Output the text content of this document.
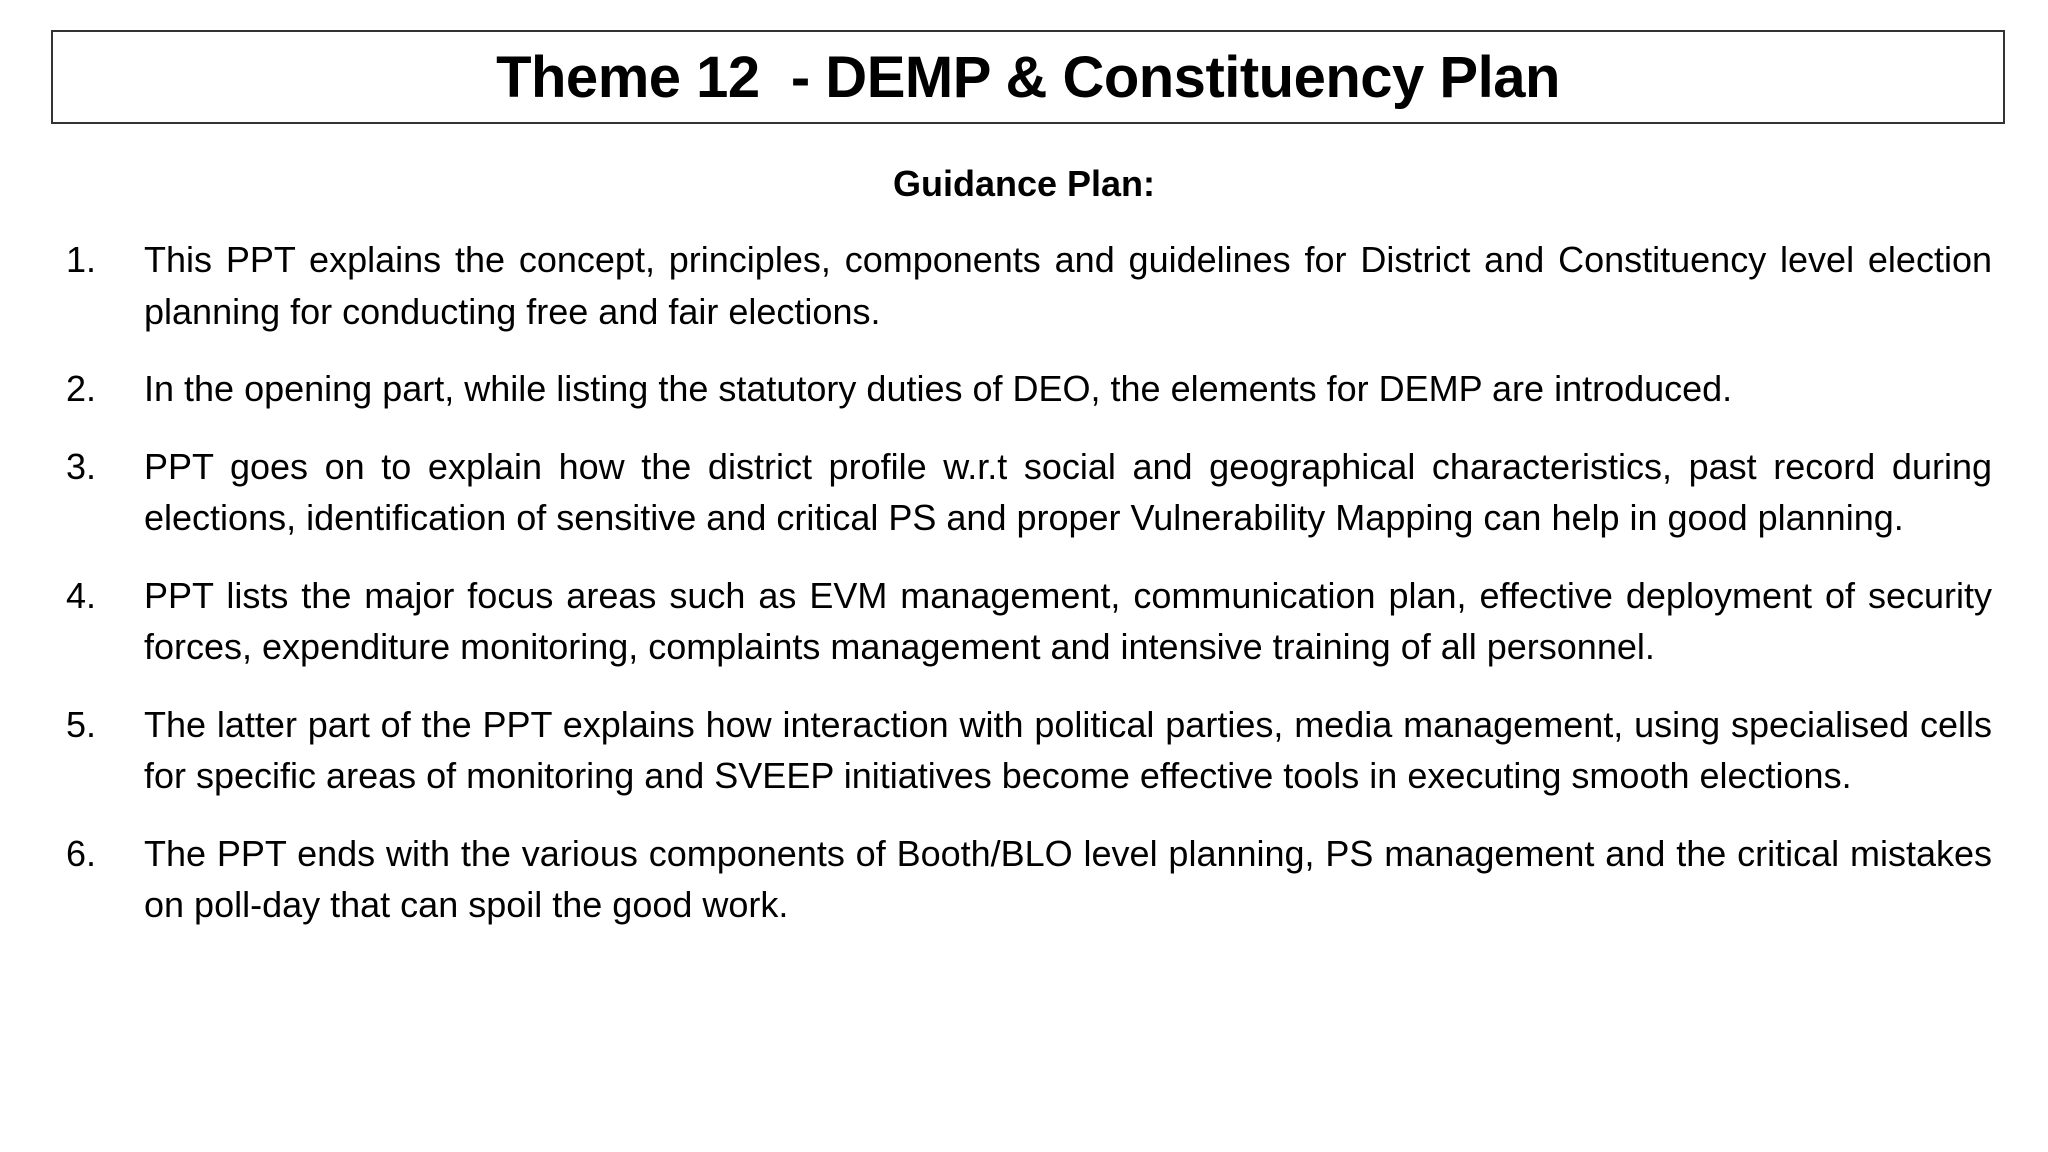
Theme 12  - DEMP & Constituency Plan
Guidance Plan:
1.	This PPT explains the concept, principles, components and guidelines for District and Constituency level election planning for conducting free and fair elections.
2.	In the opening part, while listing the statutory duties of DEO, the elements for DEMP are introduced.
3.	PPT goes on to explain how the district profile w.r.t social and geographical characteristics, past record during elections, identification of sensitive and critical PS and proper Vulnerability Mapping can help in good planning.
4.	PPT lists the major focus areas such as EVM management, communication plan, effective deployment of security forces, expenditure monitoring, complaints management and intensive training of all personnel.
5.	The latter part of the PPT explains how interaction with political parties, media management, using specialised cells for specific areas of monitoring and SVEEP initiatives become effective tools in executing smooth elections.
6.	The PPT ends with the various components of Booth/BLO level planning, PS management and the critical mistakes on poll-day that can spoil the good work.
